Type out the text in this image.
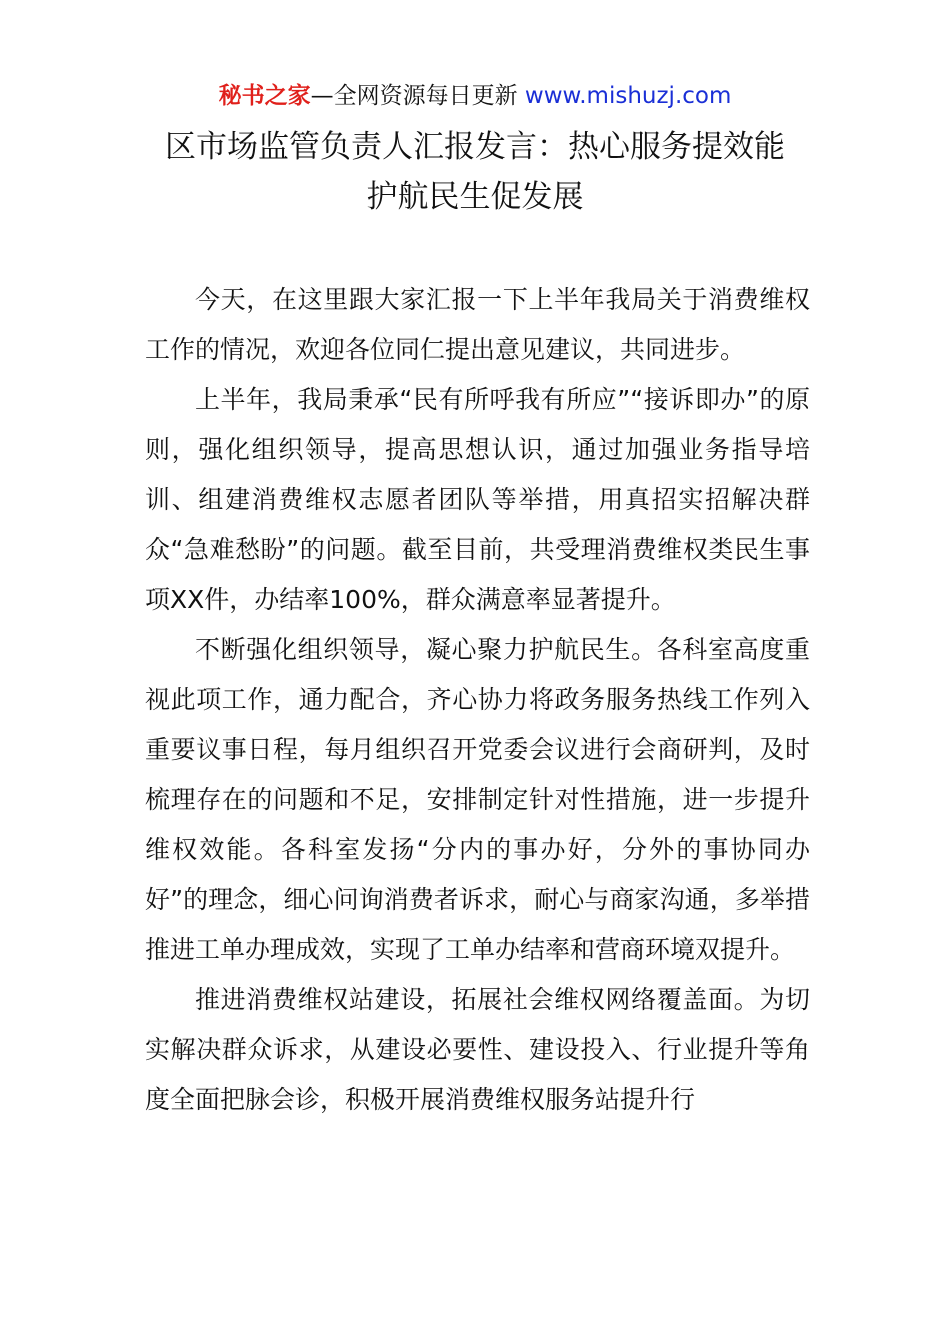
秘书之家—全网资源每日更新 www.mishuzj.com
区市场监管负责人汇报发言：热心服务提效能
护航民生促发展

今天，在这里跟大家汇报一下上半年我局关于消费维权工作的情况，欢迎各位同仁提出意见建议，共同进步。

上半年，我局秉承“民有所呼我有所应”“接诉即办”的原则，强化组织领导，提高思想认识，通过加强业务指导培训、组建消费维权志愿者团队等举措，用真招实招解决群众“急难愁盼”的问题。截至目前，共受理消费维权类民生事项XX件，办结率100%，群众满意率显著提升。

不断强化组织领导，凝心聚力护航民生。各科室高度重视此项工作，通力配合，齐心协力将政务服务热线工作列入重要议事日程，每月组织召开党委会议进行会商研判，及时梳理存在的问题和不足，安排制定针对性措施，进一步提升维权效能。各科室发扬“分内的事办好，分外的事协同办好”的理念，细心问询消费者诉求，耐心与商家沟通，多举措推进工单办理成效，实现了工单办结率和营商环境双提升。

推进消费维权站建设，拓展社会维权网络覆盖面。为切实解决群众诉求，从建设必要性、建设投入、行业提升等角度全面把脉会诊，积极开展消费维权服务站提升行
